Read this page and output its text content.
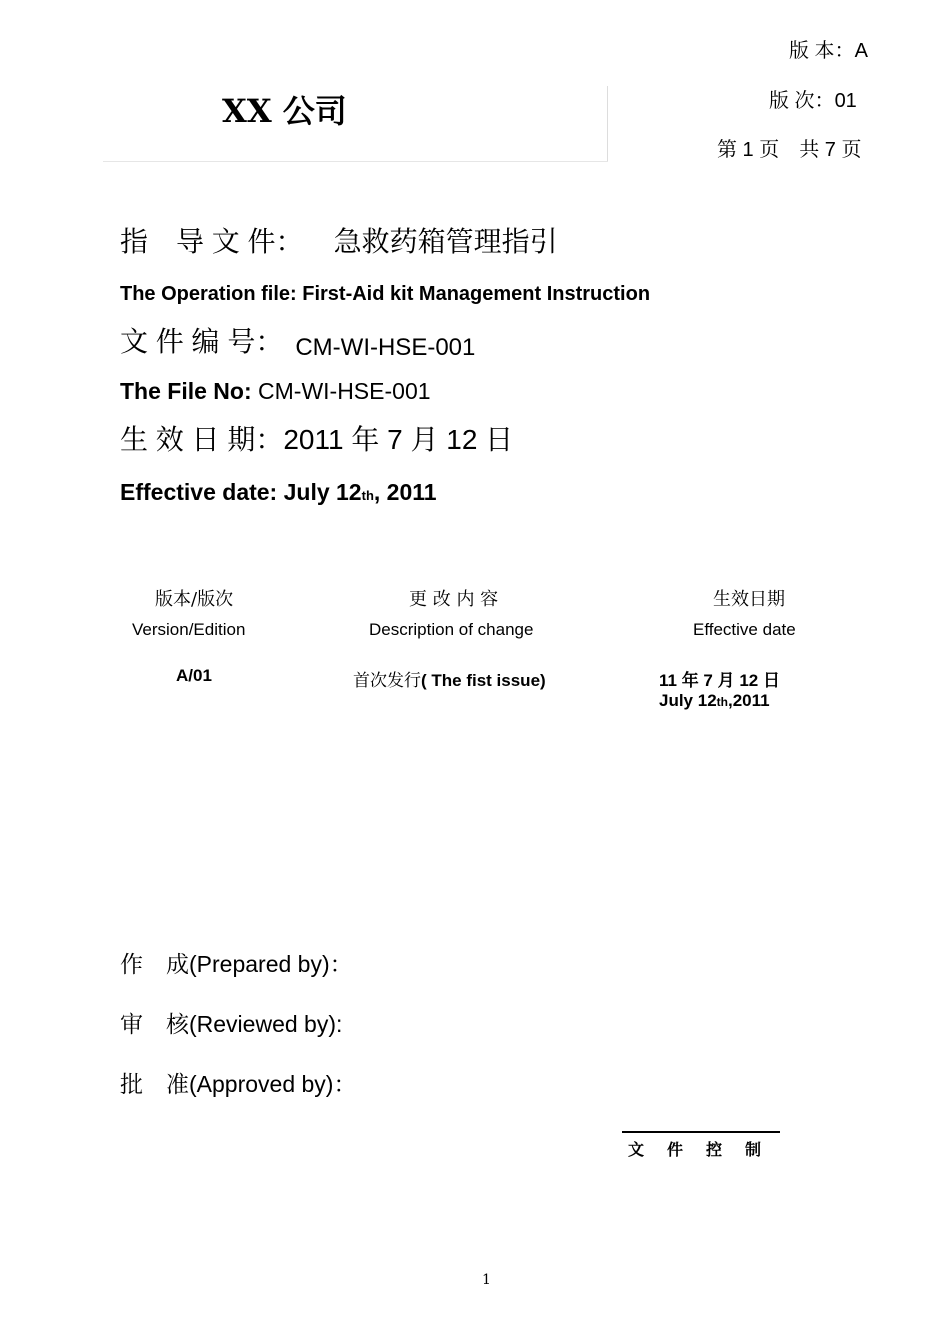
版 本：A
版 次：01
第 1 页　共 7 页
XX 公司
指　导 文 件： 急救药箱管理指引
The Operation file: First-Aid kit Management Instruction
文 件 编 号： CM-WI-HSE-001
The File No: CM-WI-HSE-001
生 效 日 期：2011 年 7 月 12 日
Effective date: July 12th, 2011
版本/版次	更 改 内 容	生效日期
Version/Edition	Description of change	Effective date
A/01	首次发行( The fist issue)	11 年 7 月 12 日
July 12th,2011
作　成(Prepared by)：
审　核(Reviewed by):
批　准(Approved by)：
文件控制
1
